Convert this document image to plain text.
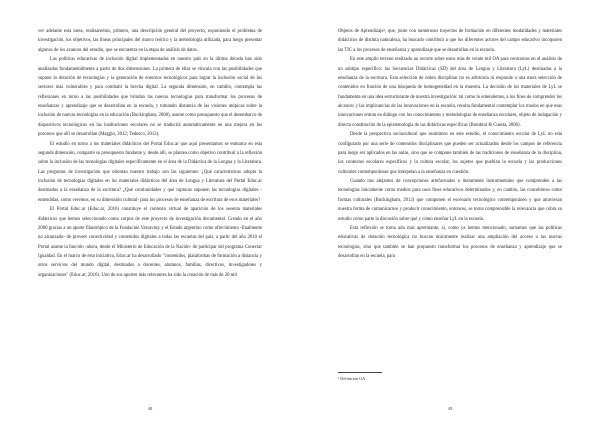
ver adelante esta tarea, realizaremos, primero, una descripción general del proyecto, exponiendo el problema de investigación, los objetivos, las líneas principales del marco teórico y la metodología utilizada, para luego presentar algunos de los avances del estudio, que se encuentra en la etapa de análisis de datos.

Las políticas educativas de inclusión digital implementadas en nuestro país en la última década han sido analizadas fundamentalmente a partir de dos dimensiones. La primera de ellas se vincula con las posibilidades que supone la dotación de tecnologías y la generación de entornos tecnológicos para lograr la inclusión social de los sectores más vulnerables y para combatir la brecha digital. La segunda dimensión, en cambio, contempla las reflexiones en torno a las posibilidades que brindan las nuevas tecnologías para transformar los procesos de enseñanzas y aprendizaje que se desarrollan en la escuela, y tomando distancia de las visiones utópicas sobre la inclusión de nuevas tecnologías en la educación (Buckingham, 2008), asume como presupuesto que el desembarco de dispositivos tecnológicos en las instituciones escolares no se traducirá automáticamente en una mejora en los procesos que allí se desarrollan (Maggio, 2012; Tedesco, 2012).

El estudio en torno a los materiales didácticos del Portal Educ.ar que aquí presentamos se enmarca en esta segunda dimensión, comparte su presupuesto fundante y, desde allí, se plantea como objetivo contribuir a la reflexión sobre la inclusión de las tecnologías digitales específicamente en el área de la Didáctica de la Lengua y la Literatura. Las preguntas de investigación que orientan nuestro trabajo son las siguientes: ¿Qué características adopta la inclusión de tecnologías digitales en los materiales didácticos del área de Lengua y Literatura del Portal Educ.ar destinados a la enseñanza de la escritura? ¿Qué continuidades y qué rupturas suponen las tecnologías digitales -entendidas, como veremos, en su dimensión cultural- para los procesos de enseñanza de escritura de esos materiales?

El Portal Educ.ar (Educ.ar, 2016) constituye el contexto virtual de aparición de los sesenta materiales didácticos que hemos seleccionado como corpus de este proyecto de investigación documental. Creado en el año 2000 gracias a un aporte filantrópico de la Fundación Varsavsky y el Estado argentino como ofrecimiento -finalmente no alcanzado- de proveer conectividad y contenidos digitales a todas las escuelas del país, a partir del año 2010 el Portal asume la función -ahora, desde el Ministerio de Educación de la Nación- de participar del programa Conectar Igualdad. En el marco de esta iniciativa, Educ.ar ha desarrollado "contenidos, plataformas de formación a distancia y otros servicios del mundo digital, destinados a docentes, alumnos, familias, directivos, investigadores y organizaciones" (Educ.ar, 2016). Uno de sus aportes más relevantes ha sido la creación de más de 20 mil

48

Objetos de Aprendizaje¹, que, junto con numerosos trayectos de formación en diferentes modalidades y materiales didácticos de distinta naturaleza, ha buscado contribuir a que los diferentes actores del campo educativo incorporen las TIC a los procesos de enseñanza y aprendizaje que se desarrollan en la escuela.

En este amplio terreno realizado un recorte sobre estos más de veinte mil OA para centrarnos en el análisis de un subtipo específico: las Secuencias Didácticas (SD) del área de Lengua y Literatura (LyL) destinadas a la enseñanza de la escritura. Esta selección de orden disciplinar no es arbitraria ni responde a una mera selección de contenidos en función de una búsqueda de homogeneidad en la muestra. La decisión de los materiales de LyL se fundamenta en una idea estructurante de nuestra investigación: tal como lo entendemos, a los fines de comprender los alcances y las implicancias de las innovaciones en la escuela, resulta fundamental contemplar los modos en que esas innovaciones entran en diálogo con los conocimientos y metodologías de enseñanza escolares, objeto de indagación y directa constitución de la epistemología de las didácticas específicas (Bombini & Cuesta, 2006).

Desde la perspectiva sociocultural que asumimos en este estudio, el conocimiento escolar de LyL no está configurado por una serie de contenidos disciplinares que pueden ser actualizados desde los campos de referencia para luego ser aplicados en las aulas, sino que se compone también de las tradiciones de enseñanza de la disciplina, los contextos escolares específicos y la cultura escolar, los sujetos que pueblan la escuela y las producciones culturales contemporáneas que interpelan a la enseñanza en cuestión.

Cuando nos alejamos de concepciones artefactuales o meramente instrumentales que comprenden a las tecnologías únicamente como medios para usos fines educativos determinados y, en cambio, las concebimos como formas culturales (Buckingham, 2012) que componen el escenario tecnológico contemporáneo y que atraviesan nuestra forma de comunicarnos y producir conocimiento, entonces, se torna comprensible la relevancia que cobra su estudio como parte la discusión sobre qué y cómo enseñar LyL en la escuela.

Esta reflexión se torna aún más apremiante, si, como ya hemos mencionado, sumamos que las políticas educativas de dotación tecnológica no buscan únicamente realizar una ampliación del acceso a las nuevas tecnologías, sino que también se han propuesto transformar los procesos de enseñanza y aprendizaje que se desarrollan en la escuela, para

¹ Definición OA
49
